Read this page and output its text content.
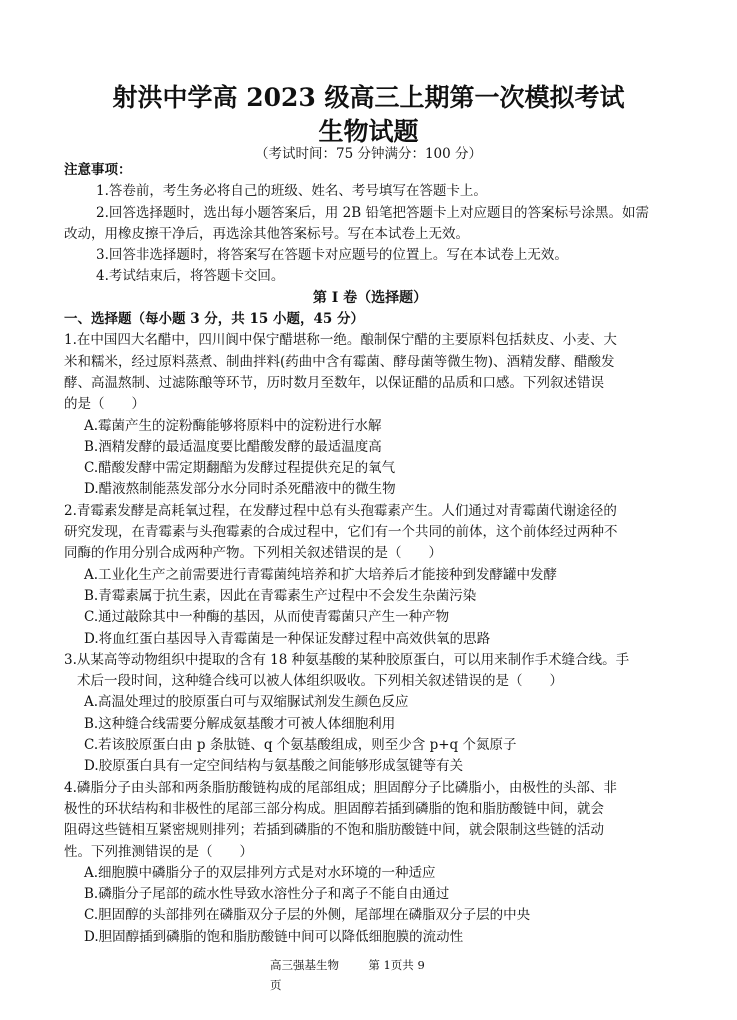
射洪中学高 2023 级高三上期第一次模拟考试
生物试题
（考试时间：75 分钟满分：100 分）

注意事项：

1.答卷前，考生务必将自己的班级、姓名、考号填写在答题卡上。

2.回答选择题时，选出每小题答案后，用 2B 铅笔把答题卡上对应题目的答案标号涂黑。如需

改动，用橡皮擦干净后，再选涂其他答案标号。写在本试卷上无效。

3.回答非选择题时，将答案写在答题卡对应题号的位置上。写在本试卷上无效。

4.考试结束后，将答题卡交回。

第 I 卷（选择题）

一、选择题（每小题 3 分，共 15 小题，45 分）

1.在中国四大名醋中，四川阆中保宁醋堪称一绝。酿制保宁醋的主要原料包括麸皮、小麦、大

米和糯米，经过原料蒸煮、制曲拌料(药曲中含有霉菌、酵母菌等微生物)、酒精发酵、醋酸发

酵、高温熬制、过滤陈酿等环节，历时数月至数年，以保证醋的品质和口感。下列叙述错误

的是（　　）

A.霉菌产生的淀粉酶能够将原料中的淀粉进行水解

B.酒精发酵的最适温度要比醋酸发酵的最适温度高

C.醋酸发酵中需定期翻醅为发酵过程提供充足的氧气

D.醋液熬制能蒸发部分水分同时杀死醋液中的微生物

2.青霉素发酵是高耗氧过程，在发酵过程中总有头孢霉素产生。人们通过对青霉菌代谢途径的

研究发现，在青霉素与头孢霉素的合成过程中，它们有一个共同的前体，这个前体经过两种不

同酶的作用分别合成两种产物。下列相关叙述错误的是（　　）

A.工业化生产之前需要进行青霉菌纯培养和扩大培养后才能接种到发酵罐中发酵

B.青霉素属于抗生素，因此在青霉素生产过程中不会发生杂菌污染

C.通过敲除其中一种酶的基因，从而使青霉菌只产生一种产物

D.将血红蛋白基因导入青霉菌是一种保证发酵过程中高效供氧的思路

3.从某高等动物组织中提取的含有 18 种氨基酸的某种胶原蛋白，可以用来制作手术缝合线。手

术后一段时间，这种缝合线可以被人体组织吸收。下列相关叙述错误的是（　　）

A.高温处理过的胶原蛋白可与双缩脲试剂发生颜色反应

B.这种缝合线需要分解成氨基酸才可被人体细胞利用

C.若该胶原蛋白由 p 条肽链、q 个氨基酸组成，则至少含 p+q 个氮原子

D.胶原蛋白具有一定空间结构与氨基酸之间能够形成氢键等有关

4.磷脂分子由头部和两条脂肪酸链构成的尾部组成；胆固醇分子比磷脂小，由极性的头部、非

极性的环状结构和非极性的尾部三部分构成。胆固醇若插到磷脂的饱和脂肪酸链中间，就会

阻碍这些链相互紧密规则排列；若插到磷脂的不饱和脂肪酸链中间，就会限制这些链的活动

性。下列推测错误的是（　　）

A.细胞膜中磷脂分子的双层排列方式是对水环境的一种适应

B.磷脂分子尾部的疏水性导致水溶性分子和离子不能自由通过

C.胆固醇的头部排列在磷脂双分子层的外侧，尾部埋在磷脂双分子层的中央

D.胆固醇插到磷脂的饱和脂肪酸链中间可以降低细胞膜的流动性

高三强基生物	第 1页共 9
页
